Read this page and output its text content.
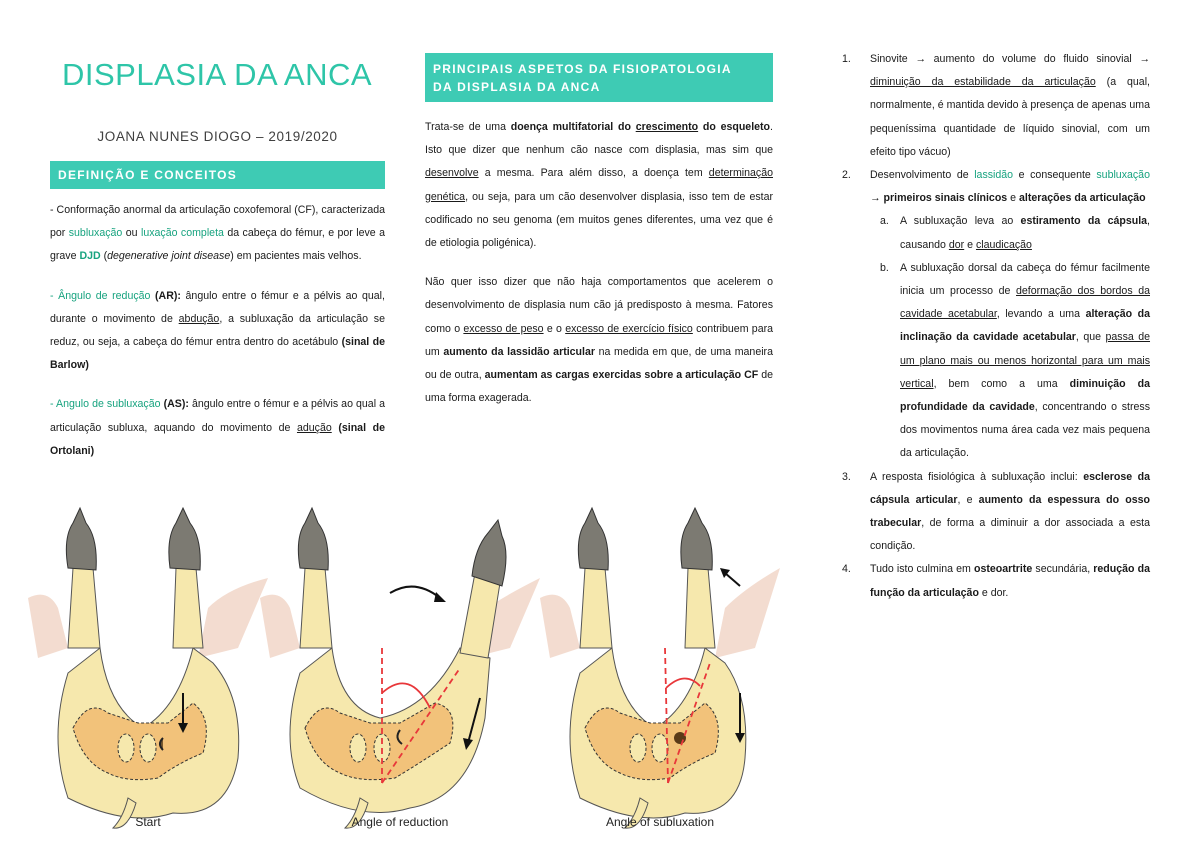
DISPLASIA DA ANCA
JOANA NUNES DIOGO – 2019/2020
DEFINIÇÃO E CONCEITOS

- Conformação anormal da articulação coxofemoral (CF), caracterizada por subluxação ou luxação completa da cabeça do fémur, e por leve a grave DJD (degenerative joint disease) em pacientes mais velhos.

- Ângulo de redução (AR): ângulo entre o fémur e a pélvis ao qual, durante o movimento de abdução, a subluxação da articulação se reduz, ou seja, a cabeça do fémur entra dentro do acetábulo (sinal de Barlow)

- Angulo de subluxação (AS): ângulo entre o fémur e a pélvis ao qual a articulação subluxa, aquando do movimento de adução (sinal de Ortolani)

PRINCIPAIS ASPETOS DA FISIOPATOLOGIA
DA DISPLASIA DA ANCA

Trata-se de uma doença multifatorial do crescimento do esqueleto. Isto que dizer que nenhum cão nasce com displasia, mas sim que desenvolve a mesma. Para além disso, a doença tem determinação genética, ou seja, para um cão desenvolver displasia, isso tem de estar codificado no seu genoma (em muitos genes diferentes, uma vez que é de etiologia poligénica).

Não quer isso dizer que não haja comportamentos que acelerem o desenvolvimento de displasia num cão já predisposto à mesma. Fatores como o excesso de peso e o excesso de exercício físico contribuem para um aumento da lassidão articular na medida em que, de uma maneira ou de outra, aumentam as cargas exercidas sobre a articulação CF de uma forma exagerada.

1. Sinovite → aumento do volume do fluido sinovial → diminuição da estabilidade da articulação (a qual, normalmente, é mantida devido à presença de apenas uma pequeníssima quantidade de líquido sinovial, com um efeito tipo vácuo)
2. Desenvolvimento de lassidão e consequente subluxação → primeiros sinais clínicos e alterações da articulação
a. A subluxação leva ao estiramento da cápsula, causando dor e claudicação
b. A subluxação dorsal da cabeça do fémur facilmente inicia um processo de deformação dos bordos da cavidade acetabular, levando a uma alteração da inclinação da cavidade acetabular, que passa de um plano mais ou menos horizontal para um mais vertical, bem como a uma diminuição da profundidade da cavidade, concentrando o stress dos movimentos numa área cada vez mais pequena da articulação.
3. A resposta fisiológica à subluxação inclui: esclerose da cápsula articular, e aumento da espessura do osso trabecular, de forma a diminuir a dor associada a esta condição.
4. Tudo isto culmina em osteoartrite secundária, redução da função da articulação e dor.
Start	Angle of reduction	Angle of subluxation
